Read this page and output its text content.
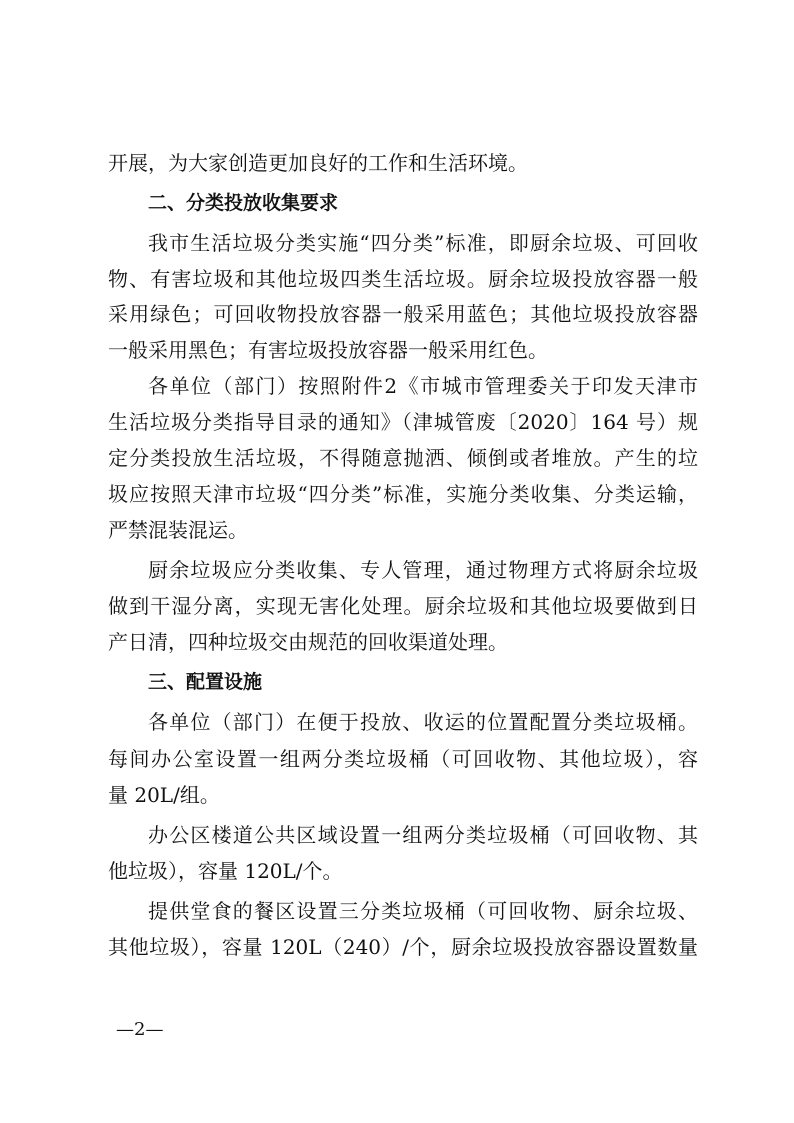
开展，为大家创造更加良好的工作和生活环境。
二、分类投放收集要求
我市生活垃圾分类实施“四分类”标准，即厨余垃圾、可回收
物、有害垃圾和其他垃圾四类生活垃圾。厨余垃圾投放容器一般
采用绿色；可回收物投放容器一般采用蓝色；其他垃圾投放容器
一般采用黑色；有害垃圾投放容器一般采用红色。
各单位（部门）按照附件2《市城市管理委关于印发天津市
生活垃圾分类指导目录的通知》（津城管废〔2020〕164 号）规
定分类投放生活垃圾，不得随意抛洒、倾倒或者堆放。产生的垃
圾应按照天津市垃圾“四分类”标准，实施分类收集、分类运输，
严禁混装混运。
厨余垃圾应分类收集、专人管理，通过物理方式将厨余垃圾
做到干湿分离，实现无害化处理。厨余垃圾和其他垃圾要做到日
产日清，四种垃圾交由规范的回收渠道处理。
三、配置设施
各单位（部门）在便于投放、收运的位置配置分类垃圾桶。
每间办公室设置一组两分类垃圾桶（可回收物、其他垃圾），容
量 20L/组。
办公区楼道公共区域设置一组两分类垃圾桶（可回收物、其
他垃圾），容量 120L/个。
提供堂食的餐区设置三分类垃圾桶（可回收物、厨余垃圾、
其他垃圾），容量 120L（240）/个，厨余垃圾投放容器设置数量
—2—
